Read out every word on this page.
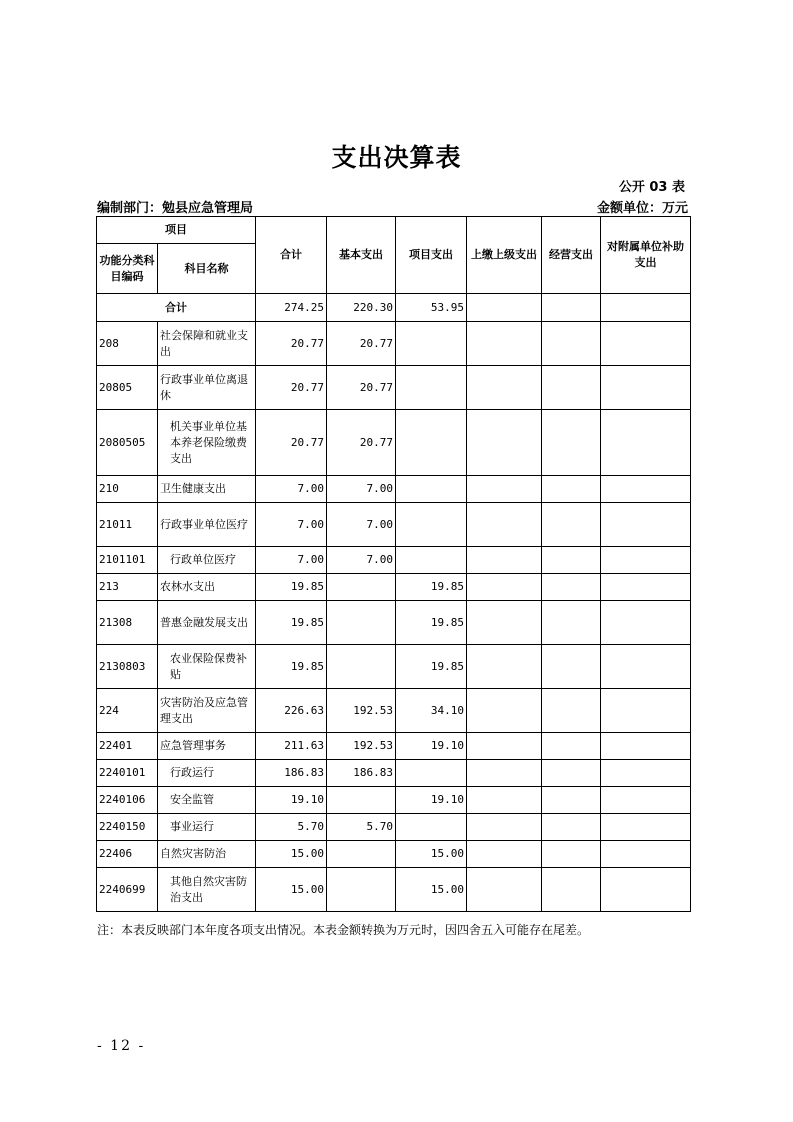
支出决算表
公开 03 表
编制部门：勉县应急管理局	金额单位：万元
项目		合计	基本支出	项目支出	上缴上级支出	经营支出	对附属单位补助支出
功能分类科目编码	科目名称						
合计		274.25	220.30	53.95			
208	社会保障和就业支出	20.77	20.77				
20805	行政事业单位离退休	20.77	20.77				
2080505	机关事业单位基本养老保险缴费支出	20.77	20.77				
210	卫生健康支出	7.00	7.00				
21011	行政事业单位医疗	7.00	7.00				
2101101	行政单位医疗	7.00	7.00				
213	农林水支出	19.85		19.85			
21308	普惠金融发展支出	19.85		19.85			
2130803	农业保险保费补贴	19.85		19.85			
224	灾害防治及应急管理支出	226.63	192.53	34.10			
22401	应急管理事务	211.63	192.53	19.10			
2240101	行政运行	186.83	186.83				
2240106	安全监管	19.10		19.10			
2240150	事业运行	5.70	5.70				
22406	自然灾害防治	15.00		15.00			
2240699	其他自然灾害防治支出	15.00		15.00			
注：本表反映部门本年度各项支出情况。本表金额转换为万元时，因四舍五入可能存在尾差。
- 12 -
